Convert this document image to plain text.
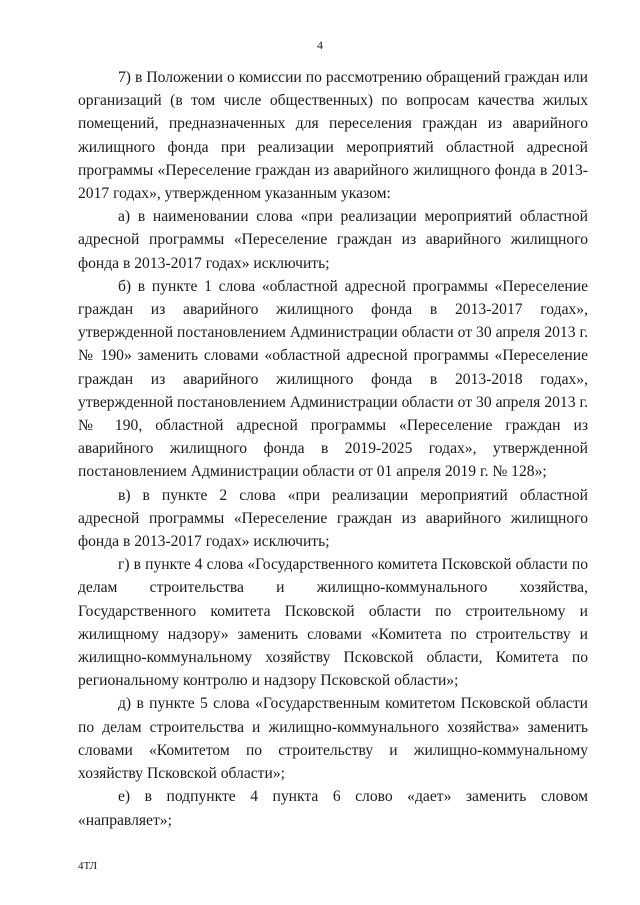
4

7) в Положении о комиссии по рассмотрению обращений граждан или организаций (в том числе общественных) по вопросам качества жилых помещений, предназначенных для переселения граждан из аварийного жилищного фонда при реализации мероприятий областной адресной программы «Переселение граждан из аварийного жилищного фонда в 2013-2017 годах», утвержденном указанным указом:

а) в наименовании слова «при реализации мероприятий областной адресной программы «Переселение граждан из аварийного жилищного фонда в 2013-2017 годах» исключить;

б) в пункте 1 слова «областной адресной программы «Переселение граждан из аварийного жилищного фонда в 2013-2017 годах», утвержденной постановлением Администрации области от 30 апреля 2013 г. № 190» заменить словами «областной адресной программы «Переселение граждан из аварийного жилищного фонда в 2013-2018 годах», утвержденной постановлением Администрации области от 30 апреля 2013 г. № 190, областной адресной программы «Переселение граждан из аварийного жилищного фонда в 2019-2025 годах», утвержденной постановлением Администрации области от 01 апреля 2019 г. № 128»;

в) в пункте 2 слова «при реализации мероприятий областной адресной программы «Переселение граждан из аварийного жилищного фонда в 2013-2017 годах» исключить;

г) в пункте 4 слова «Государственного комитета Псковской области по делам строительства и жилищно-коммунального хозяйства, Государственного комитета Псковской области по строительному и жилищному надзору» заменить словами «Комитета по строительству и жилищно-коммунальному хозяйству Псковской области, Комитета по региональному контролю и надзору Псковской области»;

д) в пункте 5 слова «Государственным комитетом Псковской области по делам строительства и жилищно-коммунального хозяйства» заменить словами «Комитетом по строительству и жилищно-коммунальному хозяйству Псковской области»;

е) в подпункте 4 пункта 6 слово «дает» заменить словом «направляет»;

4ТЛ
